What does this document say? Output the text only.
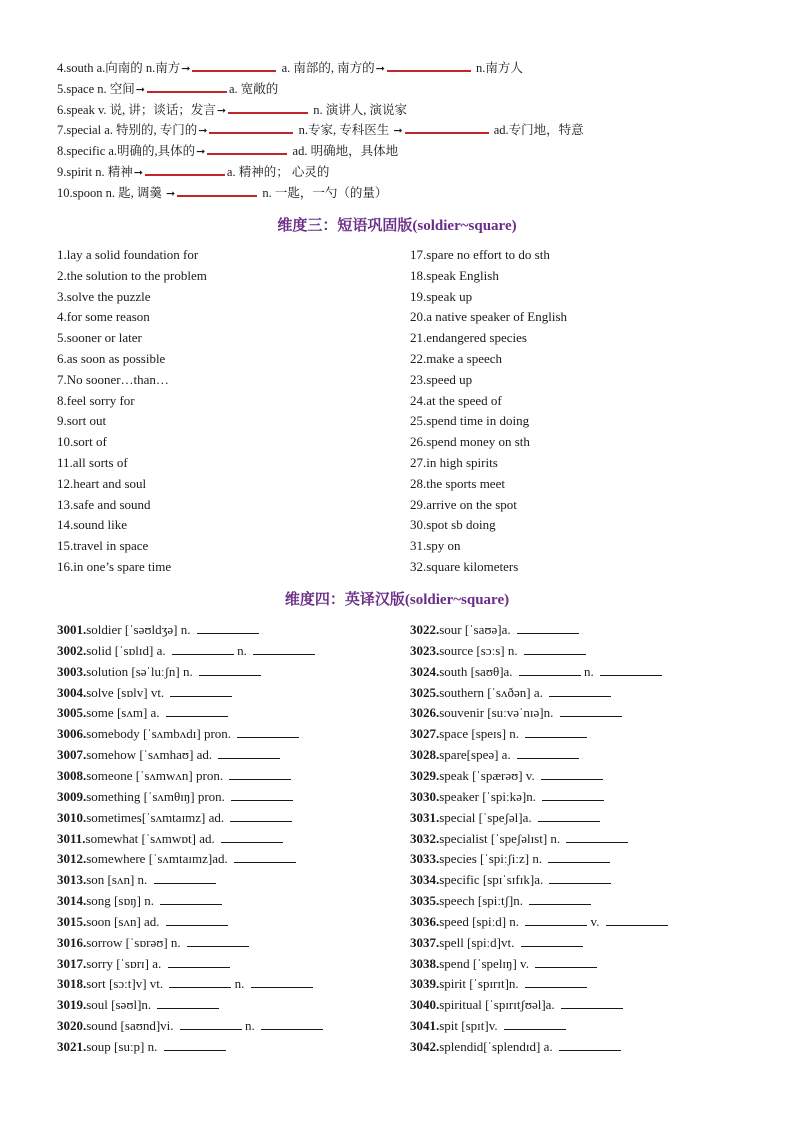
4.south a.向南的 n.南方➞	a. 南部的, 南方的➞	n.南方人
5.space n. 空间➞	a. 宽敞的
6.speak v. 说, 讲；谈话；发言➞	n. 演讲人, 演说家
7.special a. 特别的, 专门的➞	n.专家, 专科医生 ➞	ad.专门地，特意
8.specific a.明确的,具体的➞	ad. 明确地，具体地
9.spirit n. 精神➞	a. 精神的； 心灵的
10.spoon n. 匙, 调羹 ➞	n. 一匙，一勺（的量）
维度三：短语巩固版(soldier~square)
1.lay a solid foundation for
2.the solution to the problem
3.solve the puzzle
4.for some reason
5.sooner or later
6.as soon as possible
7.No sooner…than…
8.feel sorry for
9.sort out
10.sort of
11.all sorts of
12.heart and soul
13.safe and sound
14.sound like
15.travel in space
16.in one’s spare time
17.spare no effort to do sth
18.speak English
19.speak up
20.a native speaker of English
21.endangered species
22.make a speech
23.speed up
24.at the speed of
25.spend time in doing
26.spend money on sth
27.in high spirits
28.the sports meet
29.arrive on the spot
30.spot sb doing
31.spy on
32.square kilometers
维度四：英译汉版(soldier~square)
3001.soldier [ˈsəʊldʒə] n.
3002.solid [ˈsɒlɪd] a.	n.
3003.solution [səˈluːʃn] n.
3004.solve [sɒlv] vt.
3005.some [sʌm] a.
3006.somebody [ˈsʌmbʌdɪ] pron.
3007.somehow [ˈsʌmhaʊ] ad.
3008.someone [ˈsʌmwʌn] pron.
3009.something [ˈsʌmθɪŋ] pron.
3010.sometimes[ˈsʌmtaɪmz] ad.
3011.somewhat [ˈsʌmwɒt] ad.
3012.somewhere [ˈsʌmtaɪmz]ad.
3013.son [sʌn] n.
3014.song [sɒŋ] n.
3015.soon [sʌn] ad.
3016.sorrow [ˈsɒrəʊ] n.
3017.sorry [ˈsɒrɪ] a.
3018.sort [sɔːt]v] vt.	n.
3019.soul [səʊl]n.
3020.sound [saʊnd]vi.	n.
3021.soup [suːp] n.
3022.sour [ˈsaʊə]a.
3023.source [sɔːs] n.
3024.south [saʊθ]a.	n.
3025.southern [ˈsʌðən] a.
3026.souvenir [suːvəˈnɪə]n.
3027.space [speɪs] n.
3028.spare[speə] a.
3029.speak [ˈspærəʊ] v.
3030.speaker [ˈspiːkə]n.
3031.special [ˈspeʃəl]a.
3032.specialist [ˈspeʃəlɪst] n.
3033.species [ˈspiːʃiːz] n.
3034.specific [spɪˈsɪfɪk]a.
3035.speech [spiːtʃ]n.
3036.speed [spiːd] n.	v.
3037.spell [spiːd]vt.
3038.spend [ˈspelɪŋ] v.
3039.spirit [ˈspɪrɪt]n.
3040.spiritual [ˈspɪrɪtʃʊəl]a.
3041.spit [spɪt]v.
3042.splendid[ˈsplendɪd] a.
